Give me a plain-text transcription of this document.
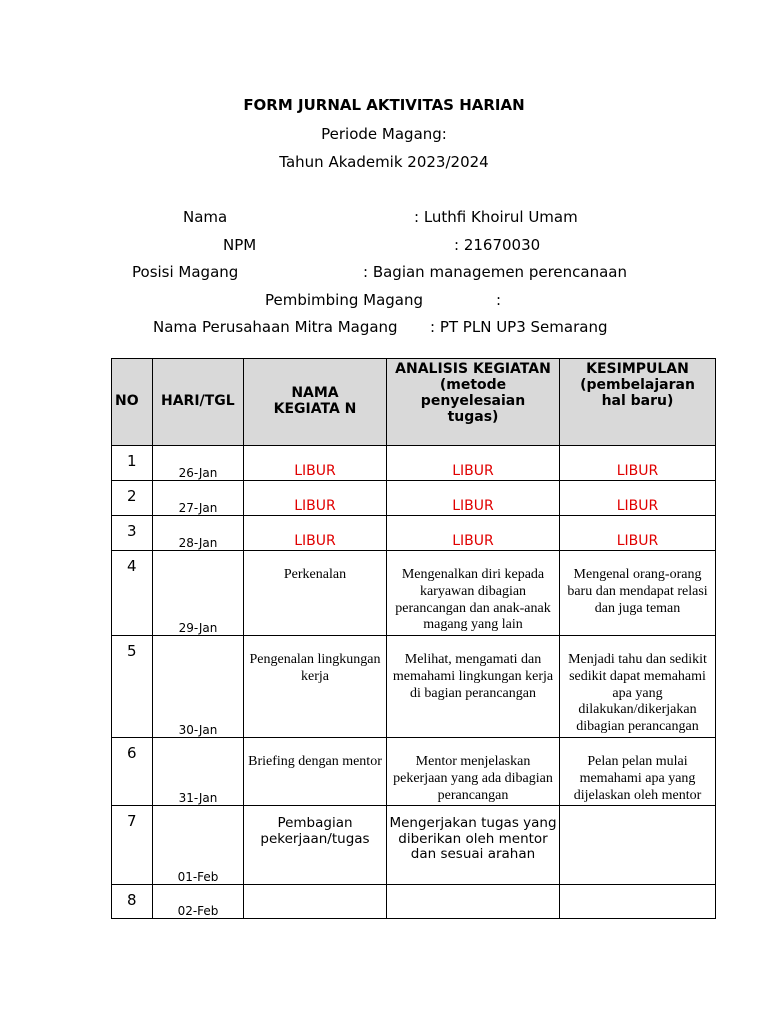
FORM JURNAL AKTIVITAS HARIAN
Periode Magang:
Tahun Akademik 2023/2024
Nama	: Luthfi Khoirul Umam
NPM	: 21670030
Posisi Magang	: Bagian managemen perencanaan
Pembimbing Magang	:
Nama Perusahaan Mitra Magang : PT PLN UP3 Semarang
NO	HARI/TGL	NAMA KEGIATA N	ANALISIS KEGIATAN (metode penyelesaian tugas)	KESIMPULAN (pembelajaran hal baru)

1	26-Jan	LIBUR	LIBUR	LIBUR

2	27-Jan	LIBUR	LIBUR	LIBUR

3	28-Jan	LIBUR	LIBUR	LIBUR

4	29-Jan	Perkenalan	Mengenalkan diri kepada karyawan dibagian perancangan dan anak-anak magang yang lain	Mengenal orang-orang baru dan mendapat relasi dan juga teman

5	30-Jan	Pengenalan lingkungan kerja	Melihat, mengamati dan memahami lingkungan kerja di bagian perancangan	Menjadi tahu dan sedikit sedikit dapat memahami apa yang dilakukan/dikerjakan dibagian perancangan

6	31-Jan	Briefing dengan mentor	Mentor menjelaskan pekerjaan yang ada dibagian perancangan	Pelan pelan mulai memahami apa yang dijelaskan oleh mentor

7	01-Feb	Pembagian pekerjaan/tugas	Mengerjakan tugas yang diberikan oleh mentor dan sesuai arahan	

8	02-Feb			
